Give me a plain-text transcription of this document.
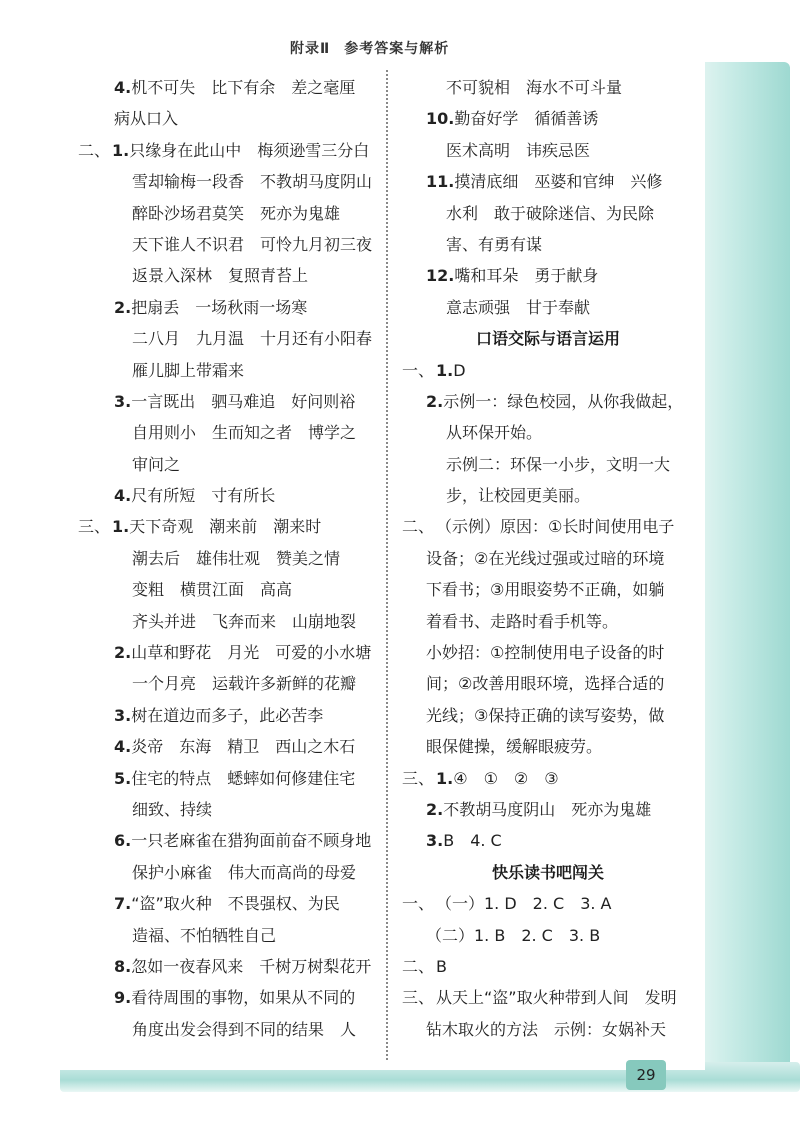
附录Ⅱ 参考答案与解析
4.机不可失　比下有余　差之毫厘
病从口入
二、 1.只缘身在此山中　梅须逊雪三分白
雪却输梅一段香　不教胡马度阴山
醉卧沙场君莫笑　死亦为鬼雄
天下谁人不识君　可怜九月初三夜
返景入深林　复照青苔上
2.把扇丢　一场秋雨一场寒
二八月　九月温　十月还有小阳春
雁儿脚上带霜来
3.一言既出　驷马难追　好问则裕
自用则小　生而知之者　博学之
审问之
4.尺有所短　寸有所长
三、 1.天下奇观　潮来前　潮来时
潮去后　雄伟壮观　赞美之情
变粗　横贯江面　高高
齐头并进　飞奔而来　山崩地裂
2.山草和野花　月光　可爱的小水塘
一个月亮　运载许多新鲜的花瓣
3.树在道边而多子，此必苦李
4.炎帝　东海　精卫　西山之木石
5.住宅的特点　蟋蟀如何修建住宅
细致、持续
6.一只老麻雀在猎狗面前奋不顾身地
保护小麻雀　伟大而高尚的母爱
7.“盗”取火种　不畏强权、为民
造福、不怕牺牲自己
8.忽如一夜春风来　千树万树梨花开
9.看待周围的事物，如果从不同的
角度出发会得到不同的结果　人
不可貌相　海水不可斗量
10.勤奋好学　循循善诱
医术高明　讳疾忌医
11.摸清底细　巫婆和官绅　兴修
水利　敢于破除迷信、为民除
害、有勇有谋
12.嘴和耳朵　勇于献身
意志顽强　甘于奉献
口语交际与语言运用
一、 1.D
2.示例一：绿色校园，从你我做起，
从环保开始。
示例二：环保一小步，文明一大
步，让校园更美丽。
二、 （示例）原因：①长时间使用电子
设备；②在光线过强或过暗的环境
下看书；③用眼姿势不正确，如躺
着看书、走路时看手机等。
小妙招：①控制使用电子设备的时
间；②改善用眼环境，选择合适的
光线；③保持正确的读写姿势，做
眼保健操，缓解眼疲劳。
三、 1.④　①　②　③
2.不教胡马度阴山　死亦为鬼雄
3.B　4. C
快乐读书吧闯关
一、 （一）1. D　2. C　3. A
（二）1. B　2. C　3. B
二、 B
三、 从天上“盗”取火种带到人间　发明
钻木取火的方法　示例：女娲补天
29
